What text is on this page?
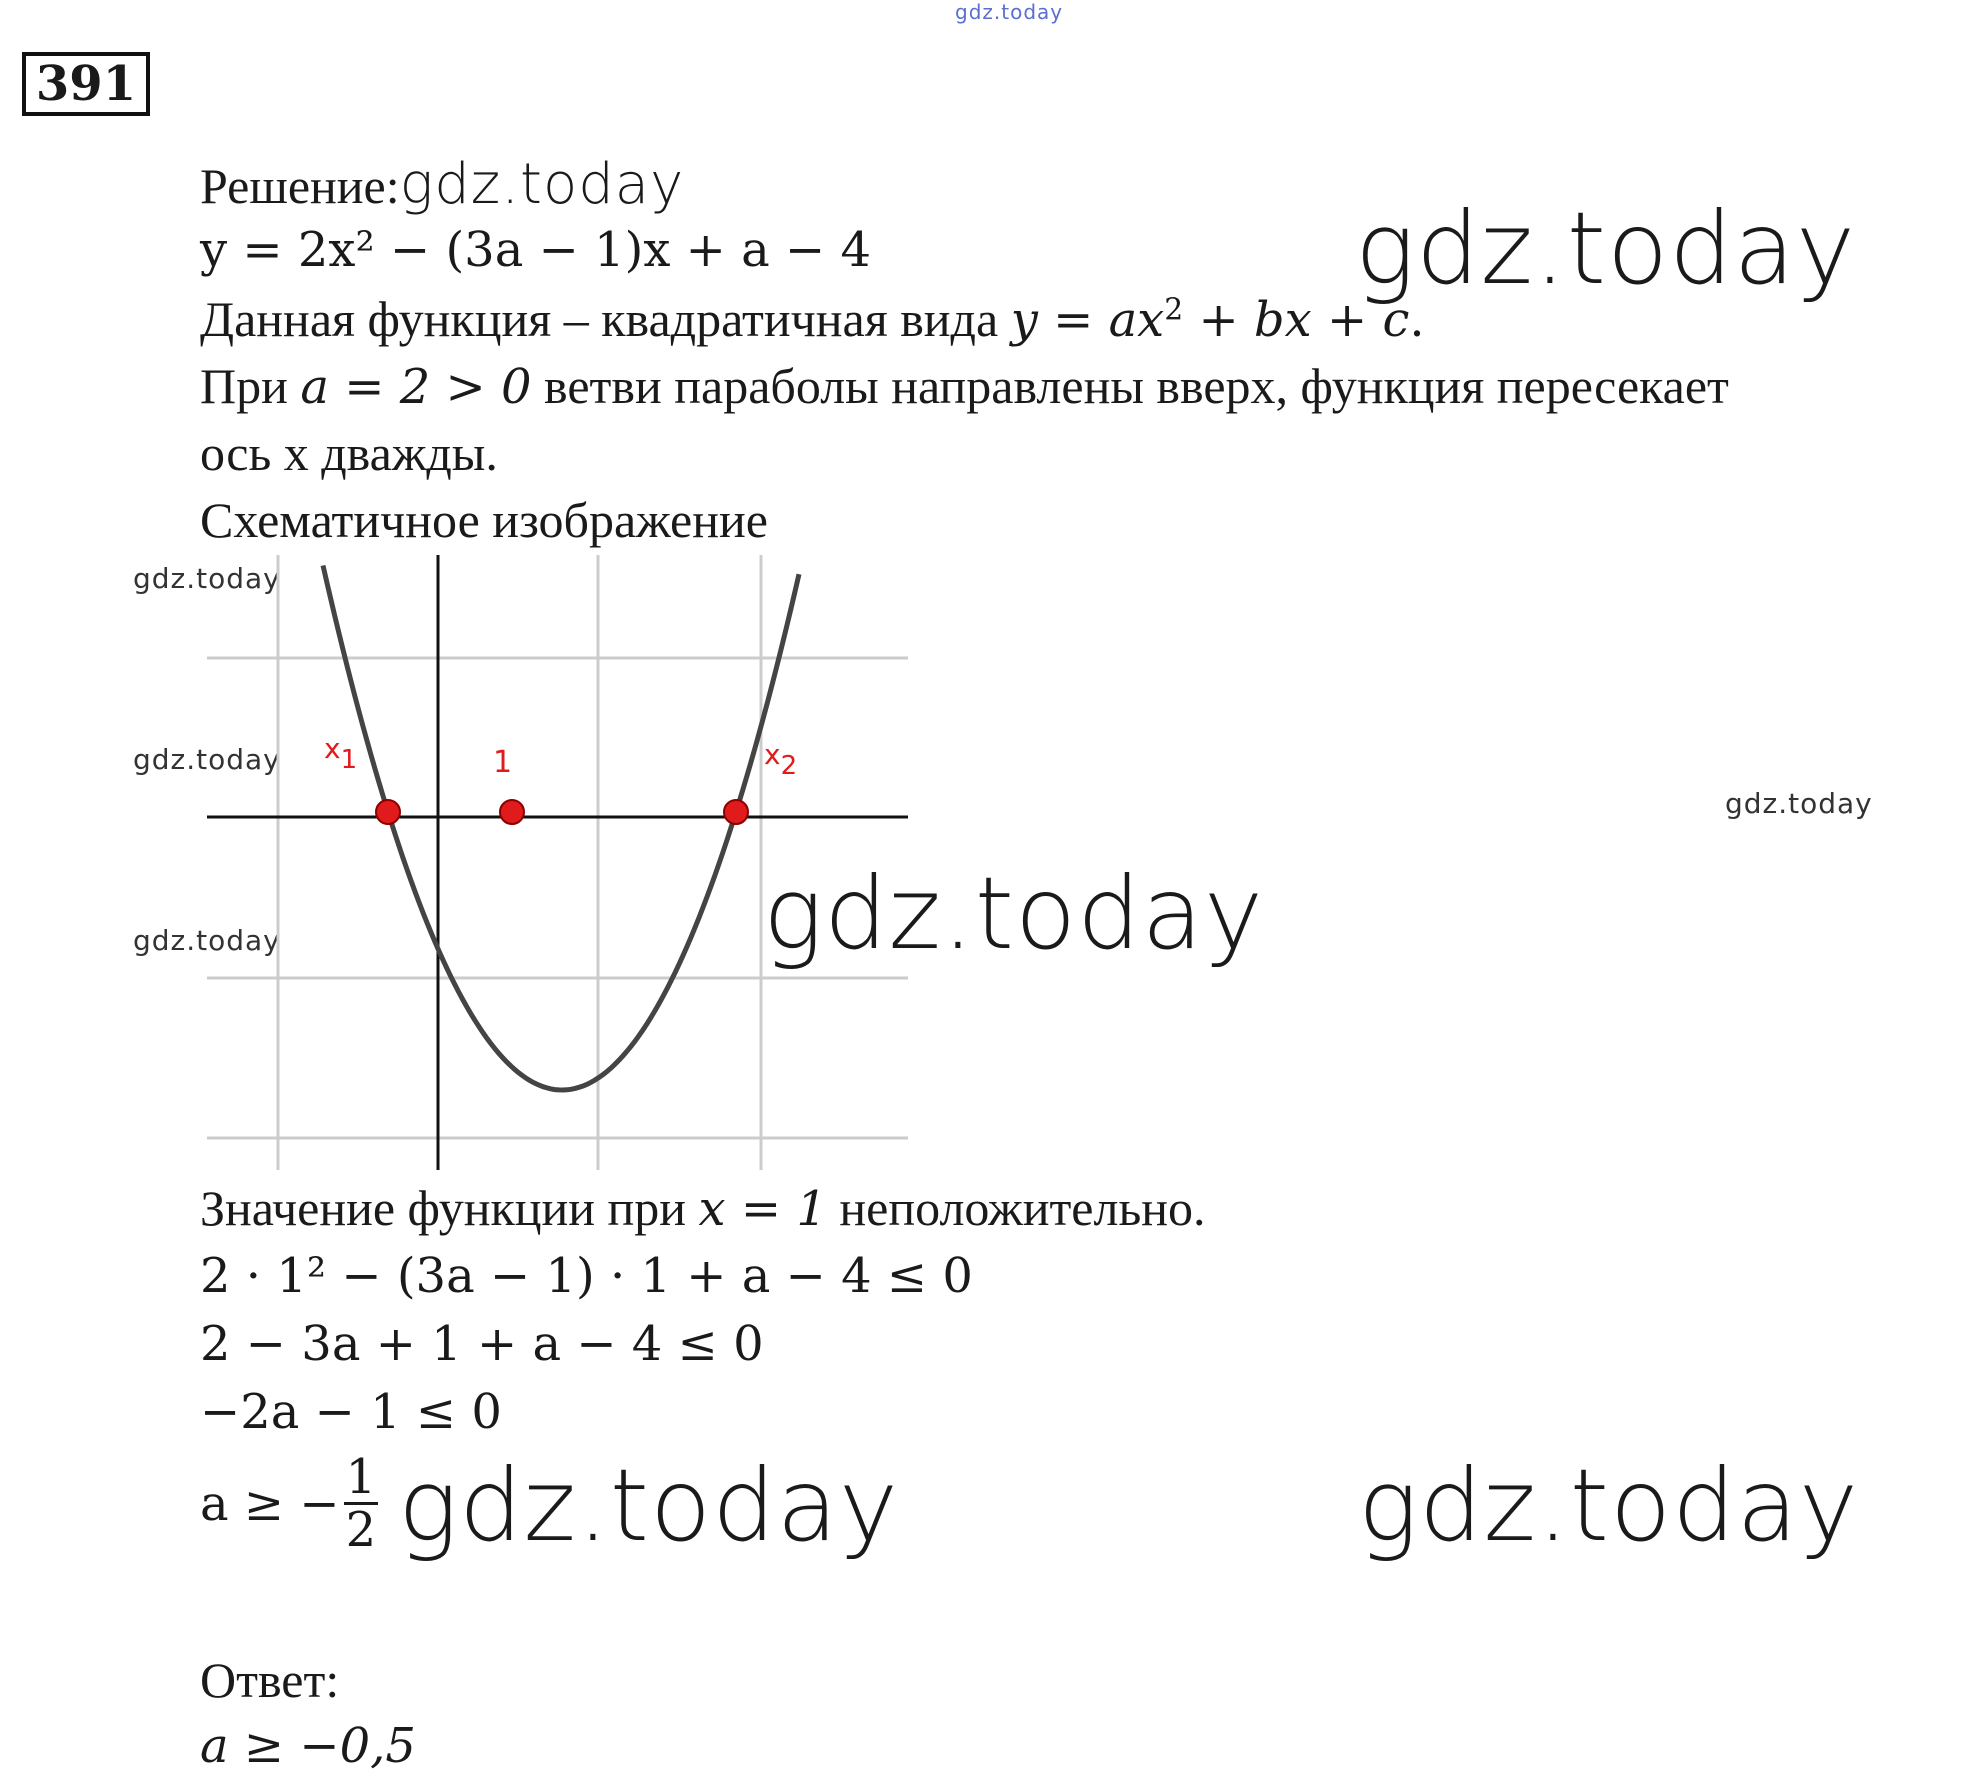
gdz.today
391
Решение:gdz.today
gdz.today
y = 2x² − (3a − 1)x + a − 4
Данная функция – квадратичная вида $y = ax^2$ + bx + c.
При a = 2 > 0 ветви параболы направлены вверх, функция пересекает
ось х дважды.
Схематичное изображение
gdz.today
gdz.today
gdz.today
gdz.today
x1	1	x2
gdz.today
Значение функции при x = 1 неположительно.
2 · 1² − (3a − 1) · 1 + a − 4 ≤ 0
2 − 3a + 1 + a − 4 ≤ 0
−2a − 1 ≤ 0
a ≥ − $\frac{1}{2}$ gdz.today	gdz.today
Ответ:
a ≥ −0,5
